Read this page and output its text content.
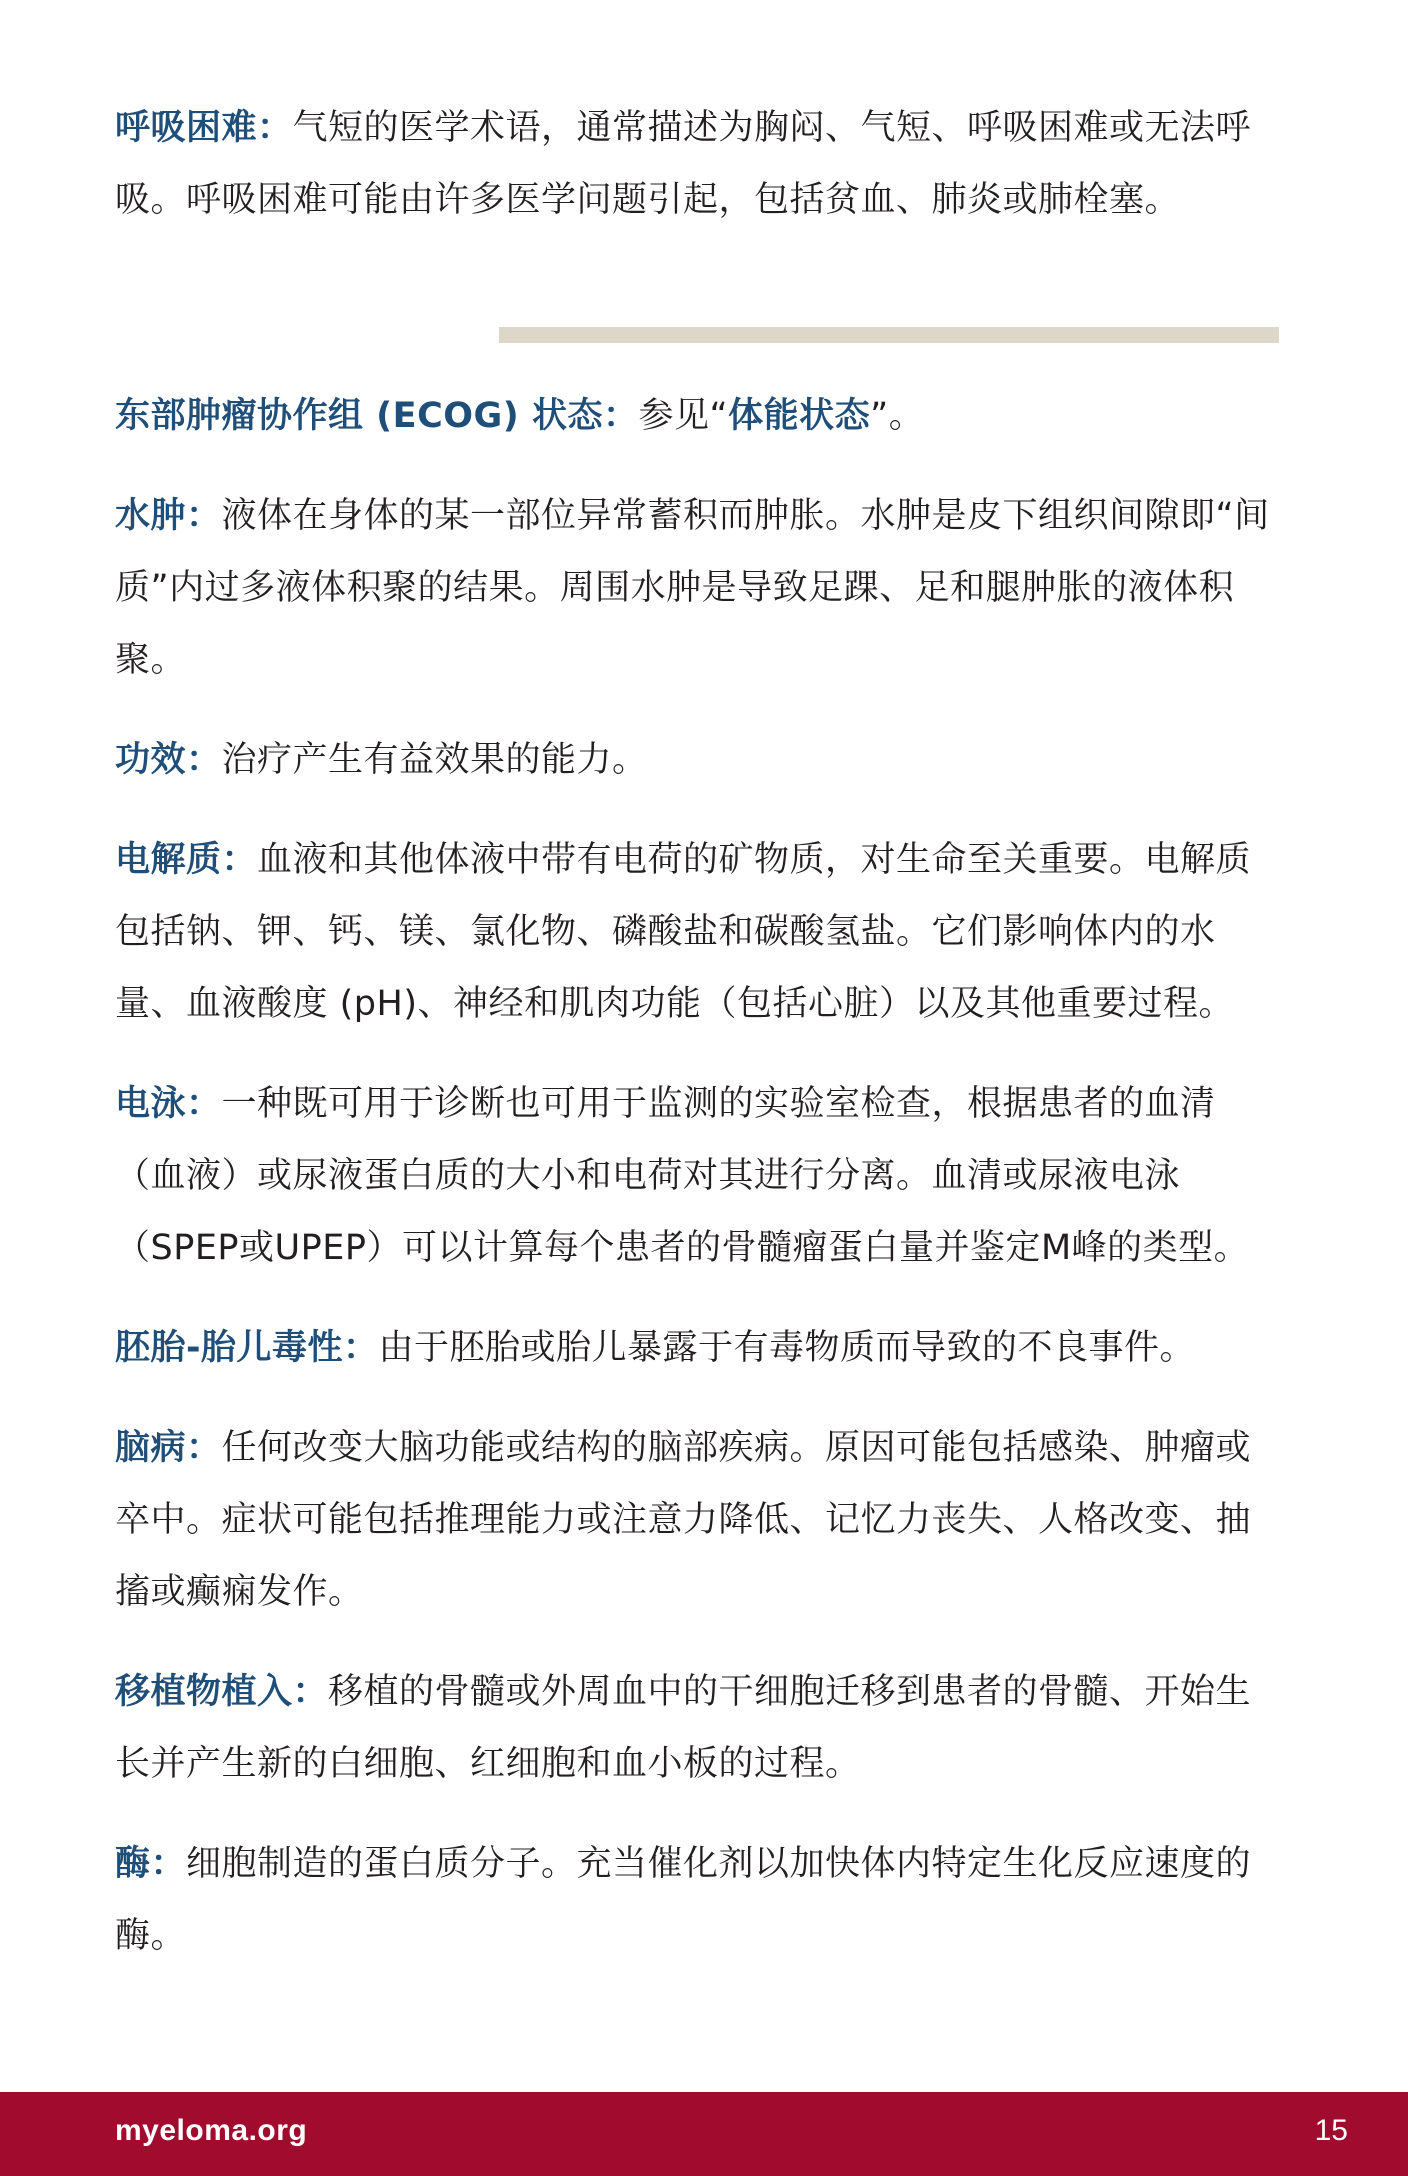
呼吸困难：气短的医学术语，通常描述为胸闷、气短、呼吸困难或无法呼吸。呼吸困难可能由许多医学问题引起，包括贫血、肺炎或肺栓塞。

东部肿瘤协作组 (ECOG) 状态：参见“体能状态”。

水肿：液体在身体的某一部位异常蓄积而肿胀。水肿是皮下组织间隙即“间质”内过多液体积聚的结果。周围水肿是导致足踝、足和腿肿胀的液体积聚。

功效：治疗产生有益效果的能力。

电解质：血液和其他体液中带有电荷的矿物质，对生命至关重要。电解质包括钠、钾、钙、镁、氯化物、磷酸盐和碳酸氢盐。它们影响体内的水量、血液酸度 (pH)、神经和肌肉功能（包括心脏）以及其他重要过程。

电泳：一种既可用于诊断也可用于监测的实验室检查，根据患者的血清（血液）或尿液蛋白质的大小和电荷对其进行分离。血清或尿液电泳（SPEP或UPEP）可以计算每个患者的骨髓瘤蛋白量并鉴定M峰的类型。

胚胎-胎儿毒性：由于胚胎或胎儿暴露于有毒物质而导致的不良事件。

脑病：任何改变大脑功能或结构的脑部疾病。原因可能包括感染、肿瘤或卒中。症状可能包括推理能力或注意力降低、记忆力丧失、人格改变、抽搐或癫痫发作。

移植物植入：移植的骨髓或外周血中的干细胞迁移到患者的骨髓、开始生长并产生新的白细胞、红细胞和血小板的过程。

酶：细胞制造的蛋白质分子。充当催化剂以加快体内特定生化反应速度的酶。

myeloma.org	15
